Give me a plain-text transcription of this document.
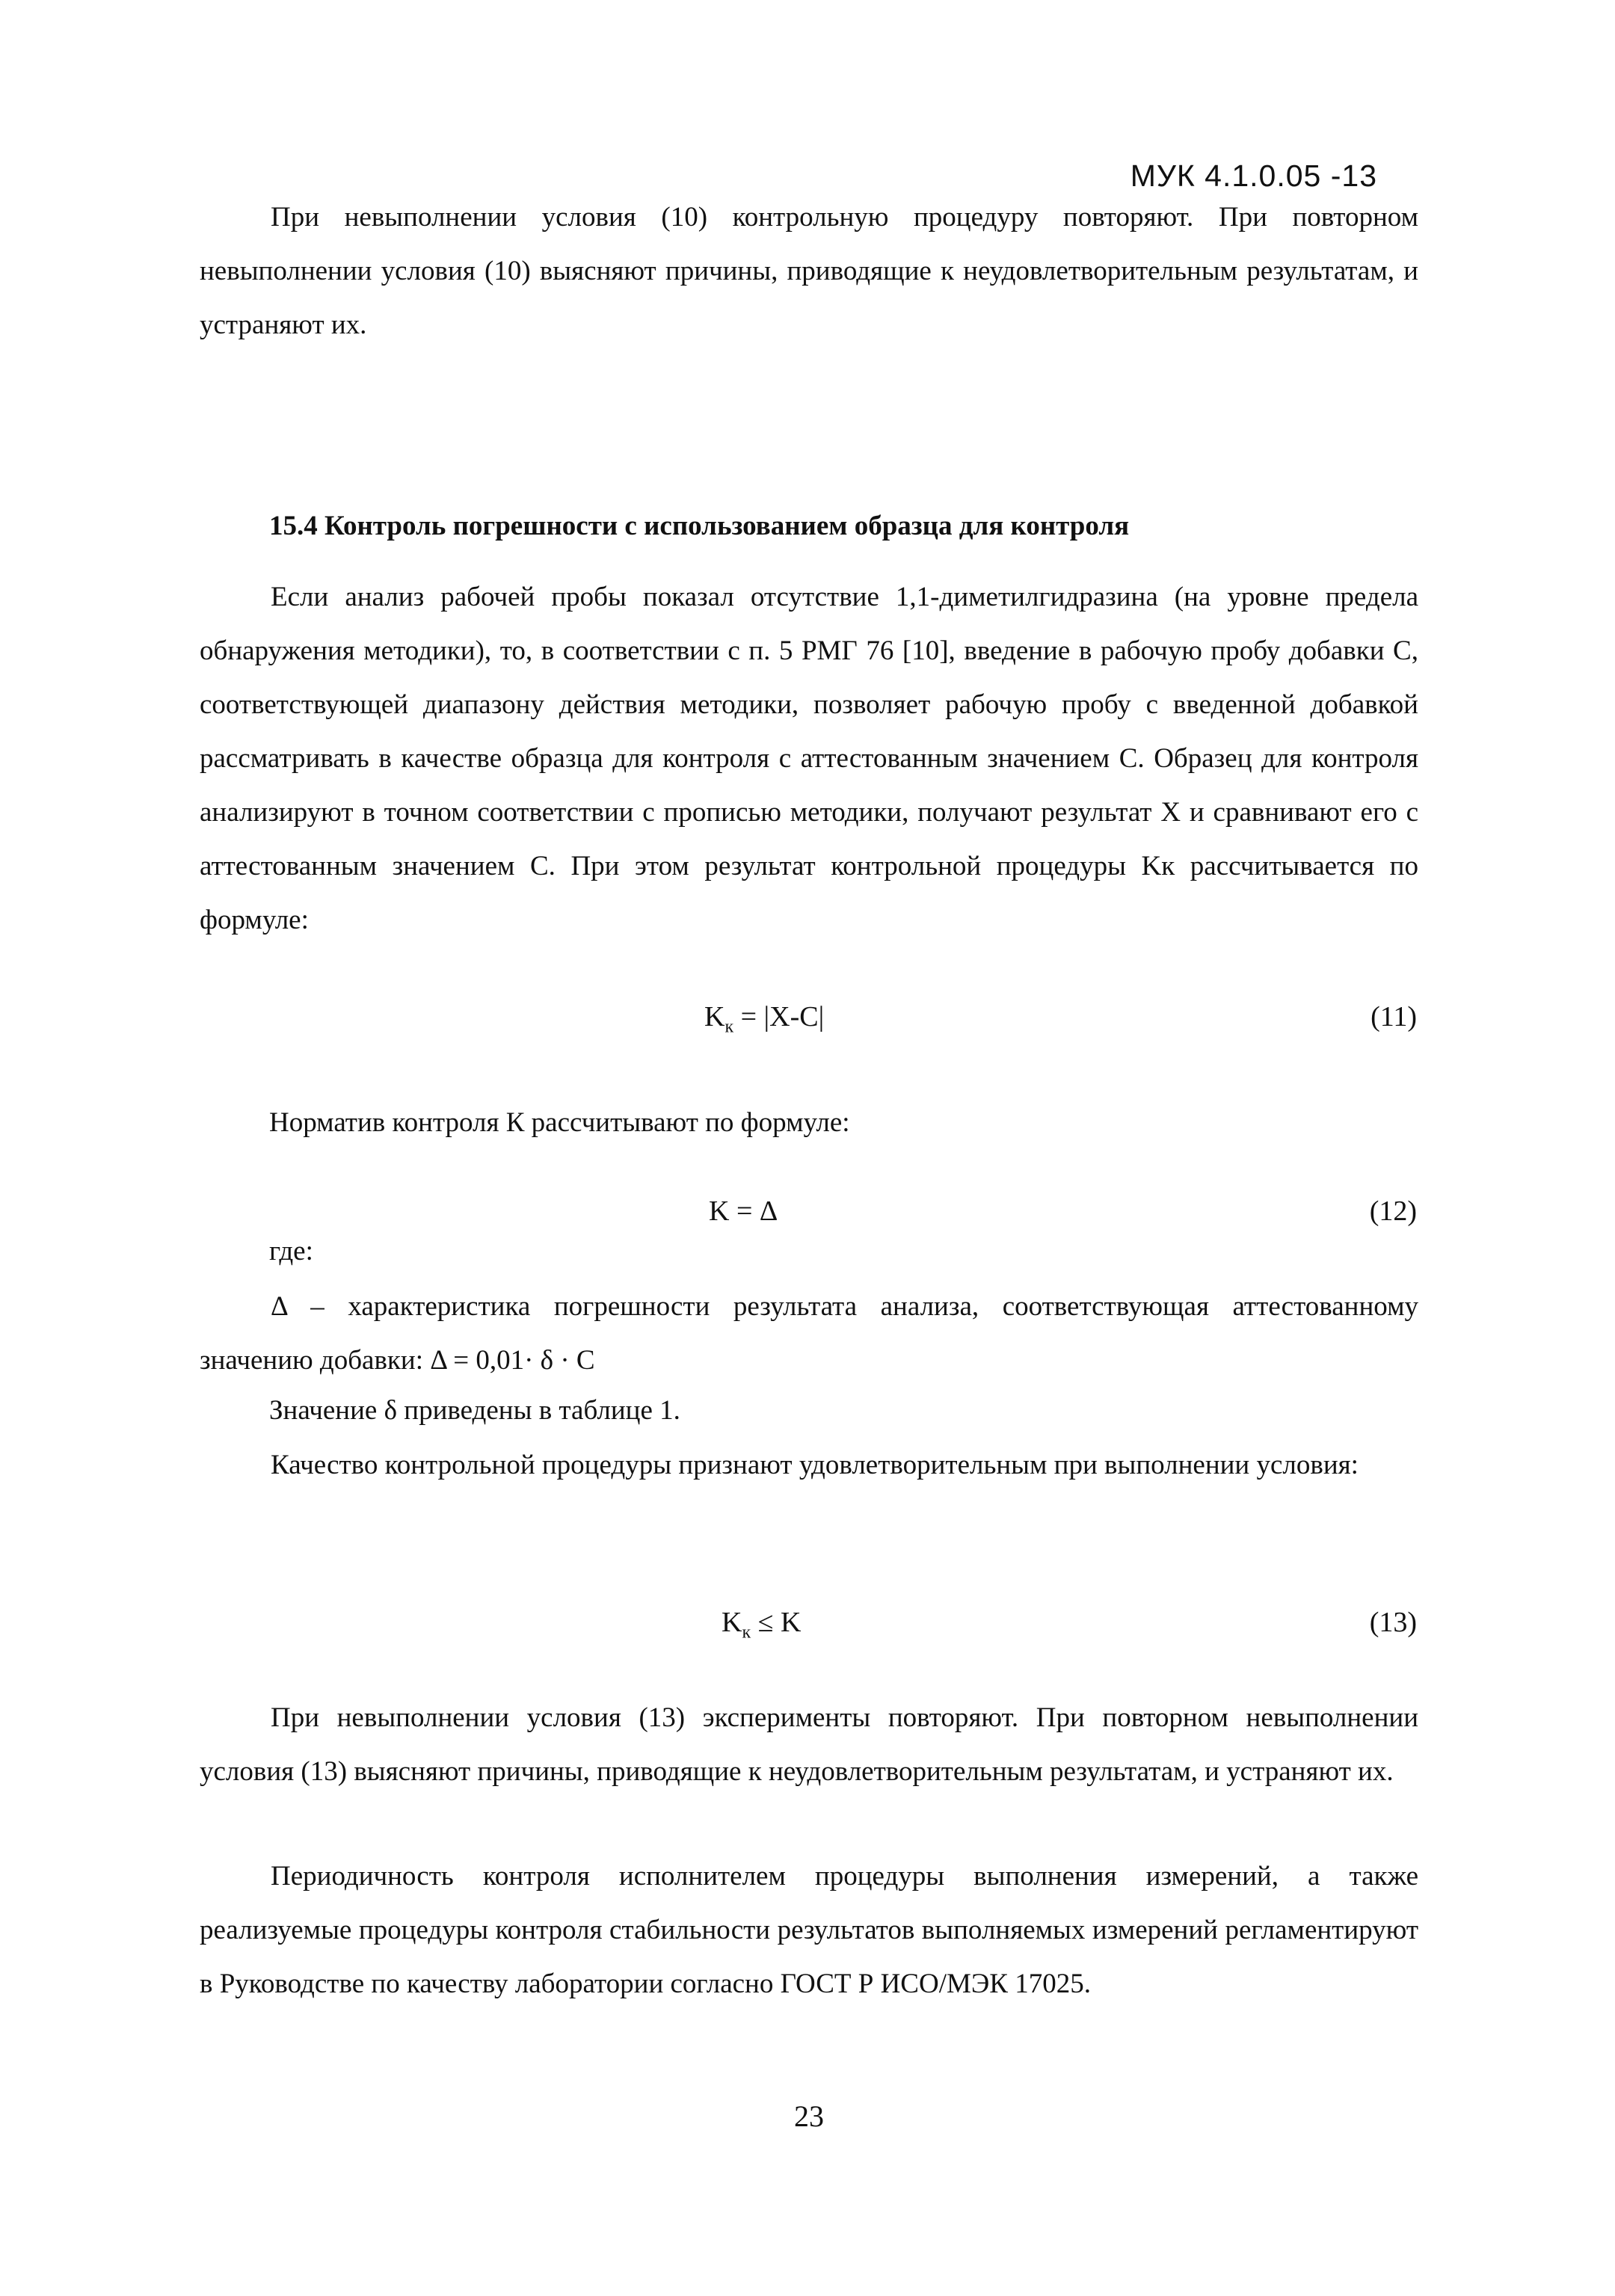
МУК 4.1.0.05 -13

При невыполнении условия (10) контрольную процедуру повторяют. При повторном невыполнении условия (10) выясняют причины, приводящие к неудовлетворительным результатам, и устраняют их.

15.4 Контроль погрешности с использованием образца для контроля

Если анализ рабочей пробы показал отсутствие 1,1-диметилгидразина (на уровне предела обнаружения методики), то, в соответствии с п. 5 РМГ 76 [10], введение в рабочую пробу добавки С, соответствующей диапазону действия методики, позволяет рабочую пробу с введенной добавкой рассматривать в качестве образца для контроля с аттестованным значением С. Образец для контроля анализируют в точном соответствии с прописью методики, получают результат Х и сравнивают его с аттестованным значением С. При этом результат контрольной процедуры Kк рассчитывается по формуле:

$K_к = |X-C|$	(11)
Норматив контроля К рассчитывают по формуле:
K = Δ	(12)
где:

Δ – характеристика погрешности результата анализа, соответствующая аттестованному значению добавки: Δ = 0,01· δ · С

Значение δ приведены в таблице 1.

Качество контрольной процедуры признают удовлетворительным при выполнении условия:

$K_к \le K$	(13)

При невыполнении условия (13) эксперименты повторяют. При повторном невыполнении условия (13) выясняют причины, приводящие к неудовлетворительным результатам, и устраняют их.

Периодичность контроля исполнителем процедуры выполнения измерений, а также реализуемые процедуры контроля стабильности результатов выполняемых измерений регламентируют в Руководстве по качеству лаборатории согласно ГОСТ Р ИСО/МЭК 17025.

23
